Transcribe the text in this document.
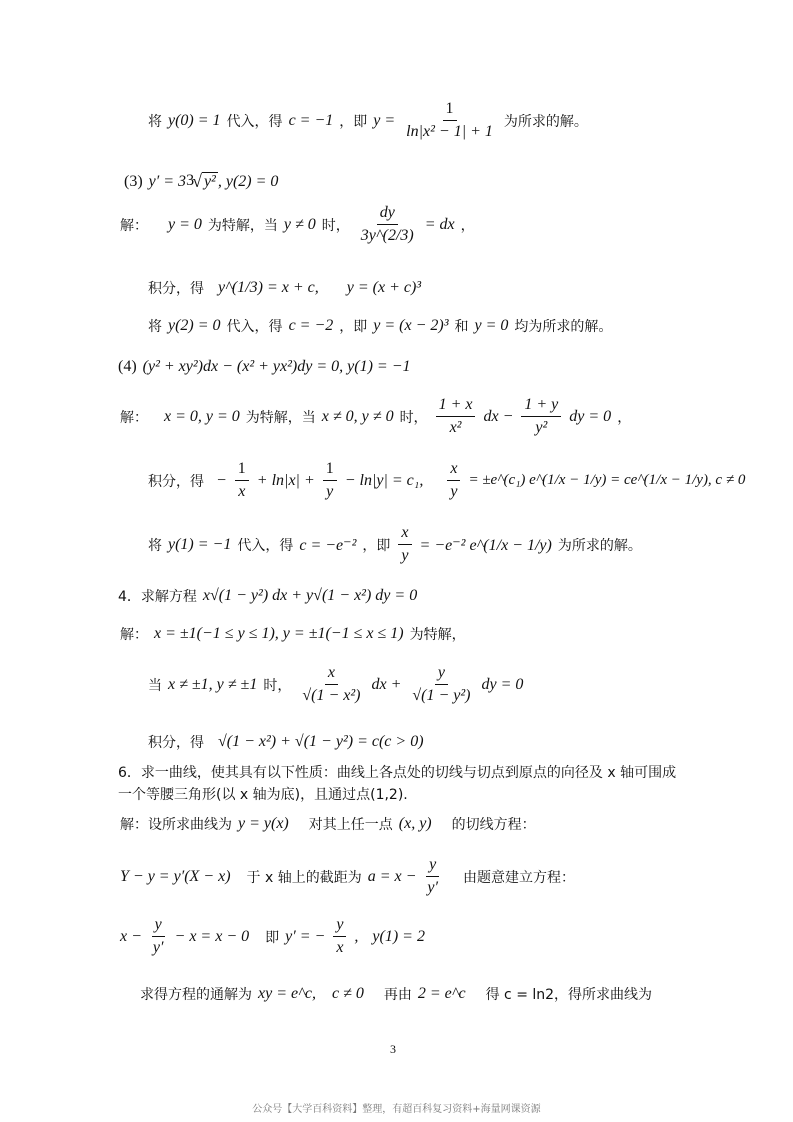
将 y(0) = 1 代入，得 c = −1 ，即 $y = \frac{1}{\text{ln|x² − 1| + 1}}$ 为所求的解。
(3) y′ = 3 3
√ y² , y(2) = 0
解： y = 0 为特解，当 y ≠ 0 时， $\frac{dy}{3y\^{}(2/3)}$ = dx ，
积分，得 y^(1/3) = x + c, y = (x + c)³
将 y(2) = 0 代入，得 c = −2 ，即 y = (x − 2)³ 和 y = 0 均为所求的解。
(4) (y² + xy²)dx − (x² + yx²)dy = 0, y(1) = −1
解： x = 0, y = 0 为特解，当 x ≠ 0, y ≠ 0 时， $\frac{1 + x}{\text{x²}}$ dx − $\frac{1 + y}{\text{y²}}$ dy = 0 ，
积分，得 − $\frac{1}{x} + \ln|x| + \frac{1}{y} - \ln|y| = c_1$, $\frac{x}{y}$ = ±e^(c₁) e^(1/x − 1/y) = ce^(1/x − 1/y), c ≠ 0
将 y(1) = −1 代入，得 c = −e⁻² ，即 $\frac{x}{y} = -e^{-2}$ e^(1/x − 1/y) 为所求的解。
4．求解方程 x√(1 − y²) dx + y√(1 − x²) dy = 0
解： x = ±1(−1 ≤ y ≤ 1), y = ±1(−1 ≤ x ≤ 1) 为特解，
当 x ≠ ±1, y ≠ ±1 时， $\frac{x}{\text{√(1 − x²)}}$ dx + $\frac{y}{\text{√(1 − y²)}}$ dy = 0
积分，得 √(1 − x²) + √(1 − y²) = c(c > 0)
6．求一曲线，使其具有以下性质：曲线上各点处的切线与切点到原点的向径及 x 轴可围成
一个等腰三角形(以 x 轴为底)，且通过点(1,2).
解：设所求曲线为 y = y(x) 对其上任一点 (x, y) 的切线方程：
Y − y = y′(X − x) 于 x 轴上的截距为 $a = x - \frac{y}{y'}$ 由题意建立方程：
$x - \frac{y}{y'} - x = x - 0$ 即 y′ = − $\frac{y}{x}$ , y(1) = 2
求得方程的通解为 xy = e^c, c ≠ 0 再由 2 = e^c 得 c = ln2，得所求曲线为
3
公众号【大学百科资料】整理，有超百科复习资料+海量网课资源
